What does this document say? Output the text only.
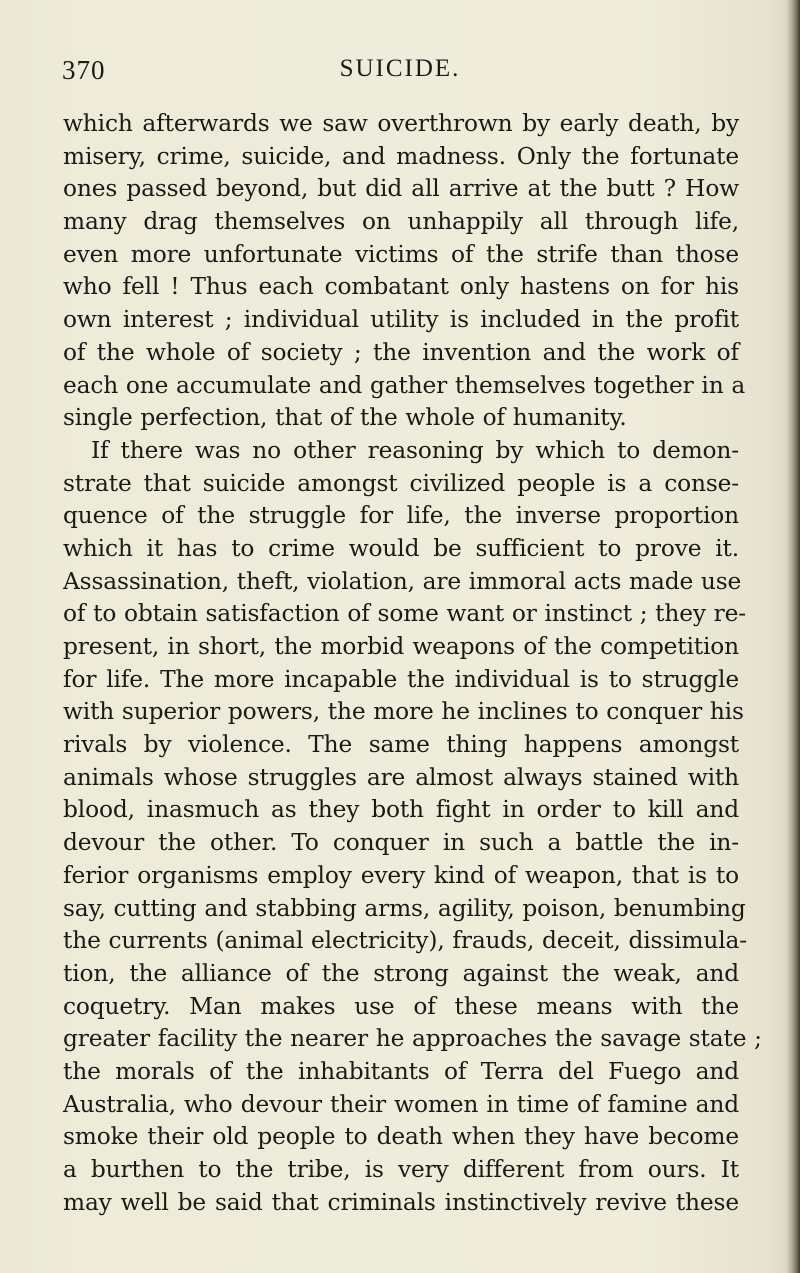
370	SUICIDE.
which afterwards we saw overthrown by early death, by
misery, crime, suicide, and madness. Only the fortunate
ones passed beyond, but did all arrive at the butt ? How
many drag themselves on unhappily all through life,
even more unfortunate victims of the strife than those
who fell ! Thus each combatant only hastens on for his
own interest ; individual utility is included in the profit
of the whole of society ; the invention and the work of
each one accumulate and gather themselves together in a
single perfection, that of the whole of humanity.
If there was no other reasoning by which to demon-
strate that suicide amongst civilized people is a conse-
quence of the struggle for life, the inverse proportion
which it has to crime would be sufficient to prove it.
Assassination, theft, violation, are immoral acts made use
of to obtain satisfaction of some want or instinct ; they re-
present, in short, the morbid weapons of the competition
for life. The more incapable the individual is to struggle
with superior powers, the more he inclines to conquer his
rivals by violence. The same thing happens amongst
animals whose struggles are almost always stained with
blood, inasmuch as they both fight in order to kill and
devour the other. To conquer in such a battle the in-
ferior organisms employ every kind of weapon, that is to
say, cutting and stabbing arms, agility, poison, benumbing
the currents (animal electricity), frauds, deceit, dissimula-
tion, the alliance of the strong against the weak, and
coquetry. Man makes use of these means with the
greater facility the nearer he approaches the savage state ;
the morals of the inhabitants of Terra del Fuego and
Australia, who devour their women in time of famine and
smoke their old people to death when they have become
a burthen to the tribe, is very different from ours. It
may well be said that criminals instinctively revive these
